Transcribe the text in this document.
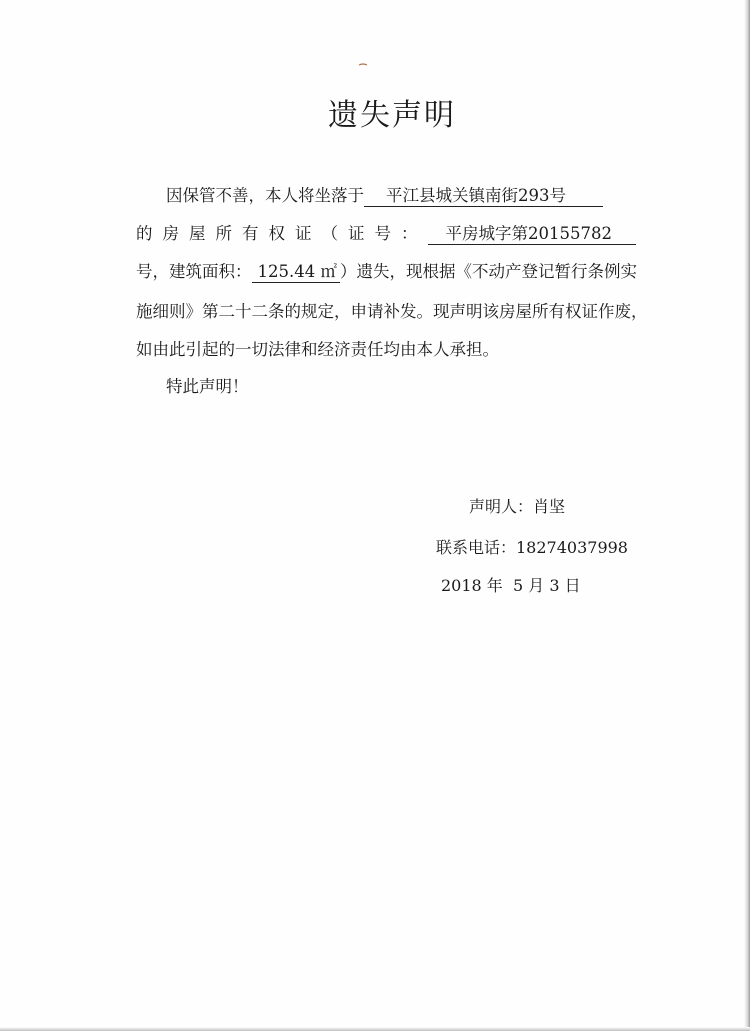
遗失声明
因保管不善，本人将坐落于 平江县城关镇南街293号
的房屋所有权证（证号： 平房城字第20155782
号，建筑面积： 125.44 ㎡ ）遗失，现根据《不动产登记暂行条例实
施细则》第二十二条的规定，申请补发。现声明该房屋所有权证作废，
如由此引起的一切法律和经济责任均由本人承担。
特此声明！
声明人：肖坚
联系电话：18274037998
2018 年  5 月 3 日
